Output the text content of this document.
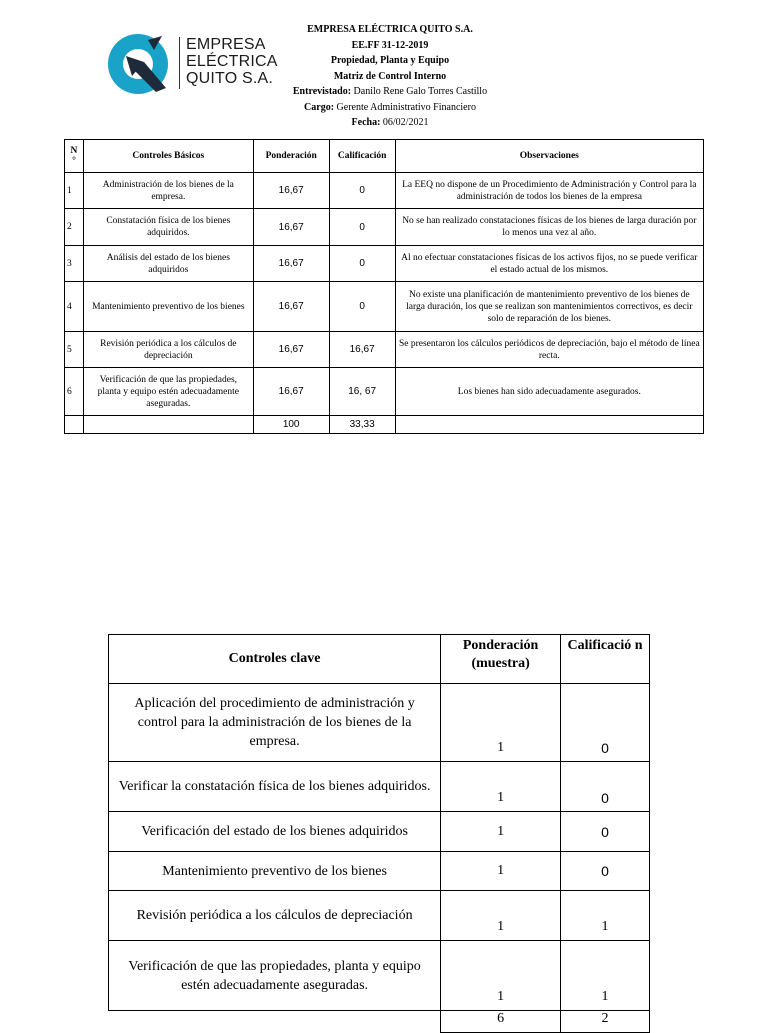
EMPRESA
ELÉCTRICA
QUITO S.A.
EMPRESA ELÉCTRICA QUITO S.A.
EE.FF 31-12-2019
Propiedad, Planta y Equipo
Matriz de Control Interno
Entrevistado: Danilo Rene Galo Torres Castillo
Cargo: Gerente Administrativo Financiero
Fecha: 06/02/2021
N
°	Controles Básicos	Ponderación	Calificación	Observaciones
1	Administración de los bienes de la empresa.	16,67	0	La EEQ no dispone de un Procedimiento de Administración y Control para la administración de todos los bienes de la empresa
2	Constatación física de los bienes adquiridos.	16,67	0	No se han realizado constataciones físicas de los bienes de larga duración por lo menos una vez al año.
3	Análisis del estado de los bienes adquiridos	16,67	0	Al no efectuar constataciones físicas de los activos fijos, no se puede verificar el estado actual de los mismos.
4	Mantenimiento preventivo de los bienes	16,67	0	No existe una planificación de mantenimiento preventivo de los bienes de larga duración, los que se realizan son mantenimientos correctivos, es decir solo de reparación de los bienes.
5	Revisión periódica a los cálculos de depreciación	16,67	16,67	Se presentaron los cálculos periódicos de depreciación, bajo el método de línea recta.
6	Verificación de que las propiedades, planta y equipo estén adecuadamente aseguradas.	16,67	16, 67	Los bienes han sido adecuadamente asegurados.
		100	33,33	
Controles clave	Ponderación (muestra)	Calificació n
Aplicación del procedimiento de administración y control para la administración de los bienes de la empresa.	1	0
Verificar la constatación física de los bienes adquiridos.	1	0
Verificación del estado de los bienes adquiridos	1	0
Mantenimiento preventivo de los bienes	1	0
Revisión periódica a los cálculos de depreciación	1	1
Verificación de que las propiedades, planta y equipo estén adecuadamente aseguradas.	1	1
	6	2
